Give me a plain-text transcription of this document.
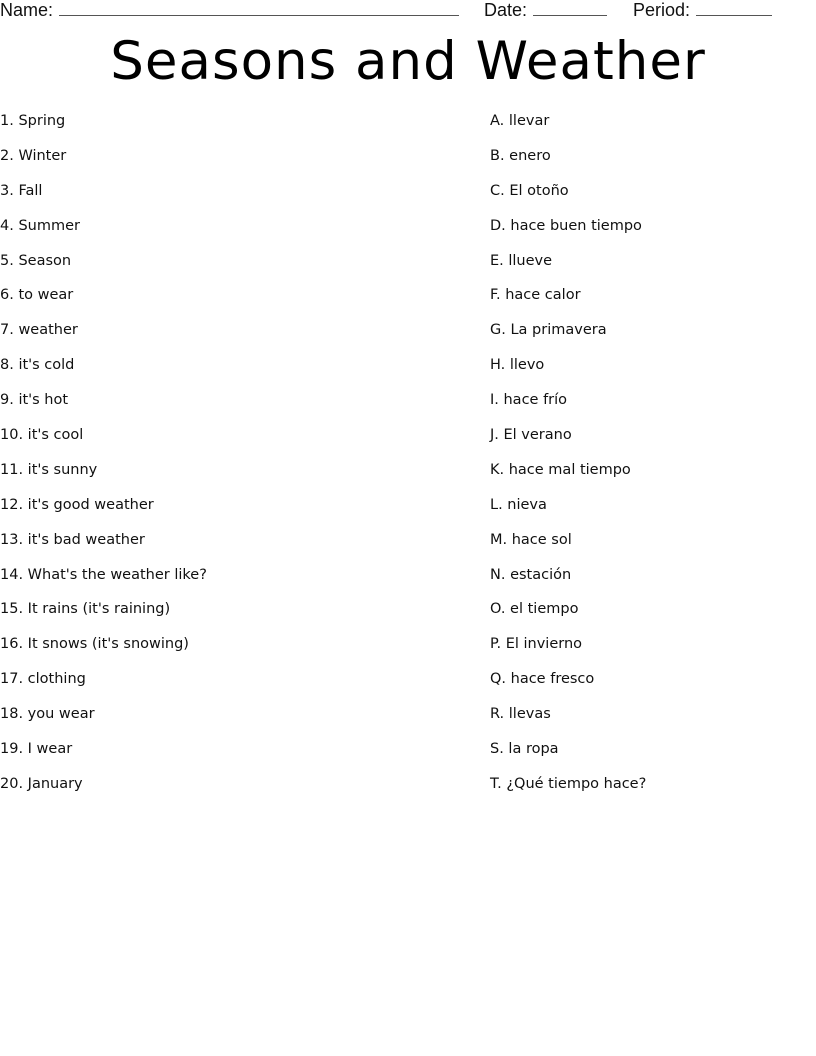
Name:	Date:	Period:
Seasons and Weather
1. Spring
2. Winter
3. Fall
4. Summer
5. Season
6. to wear
7. weather
8. it's cold
9. it's hot
10. it's cool
11. it's sunny
12. it's good weather
13. it's bad weather
14. What's the weather like?
15. It rains (it's raining)
16. It snows (it's snowing)
17. clothing
18. you wear
19. I wear
20. January
A. llevar
B. enero
C. El otoño
D. hace buen tiempo
E. llueve
F. hace calor
G. La primavera
H. llevo
I. hace frío
J. El verano
K. hace mal tiempo
L. nieva
M. hace sol
N. estación
O. el tiempo
P. El invierno
Q. hace fresco
R. llevas
S. la ropa
T. ¿Qué tiempo hace?
